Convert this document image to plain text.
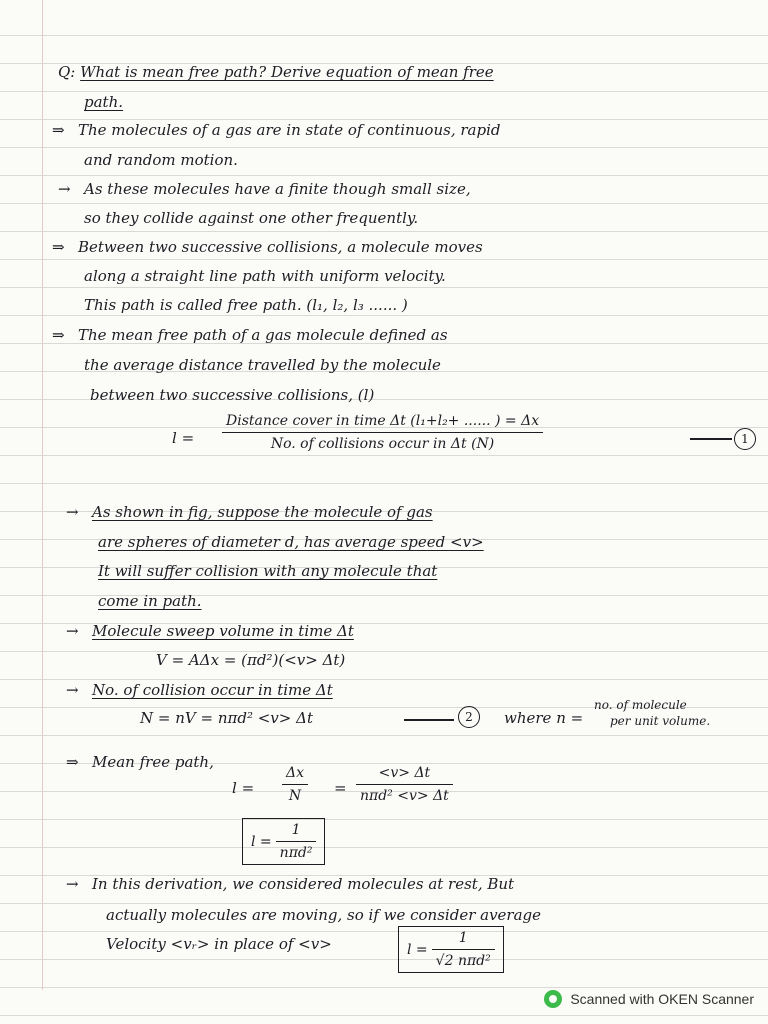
Q: What is mean free path? Derive equation of mean free
path.
⇒ The molecules of a gas are in state of continuous, rapid
and random motion.
→ As these molecules have a finite though small size,
so they collide against one other frequently.
⇒ Between two successive collisions, a molecule moves
along a straight line path with uniform velocity.
This path is called free path. (l₁, l₂, l₃ ...... )
⇒ The mean free path of a gas molecule defined as
the average distance travelled by the molecule
between two successive collisions, (l)
l =
Distance cover in time Δt (l₁+l₂+ ...... ) = Δx
No. of collisions occur in Δt (N)	1
→ As shown in fig, suppose the molecule of gas
are spheres of diameter d, has average speed <v>
It will suffer collision with any molecule that
come in path.
→ Molecule sweep volume in time Δt
V = AΔx = (πd²)(<v> Δt)
→ No. of collision occur in time Δt
N = nV = nπd² <v> Δt	2	where n =
no. of molecule
per unit volume.
⇒ Mean free path,
l =
Δx
N =
<v> Δt
nπd² <v> Δt
$l = \frac{1}{\text{nπd²}}$
→ In this derivation, we considered molecules at rest, But
actually molecules are moving, so if we consider average
Velocity <vᵣ> in place of <v>	$l = \frac{1}{\text{√2 nπd²}}$
Scanned with OKEN Scanner
